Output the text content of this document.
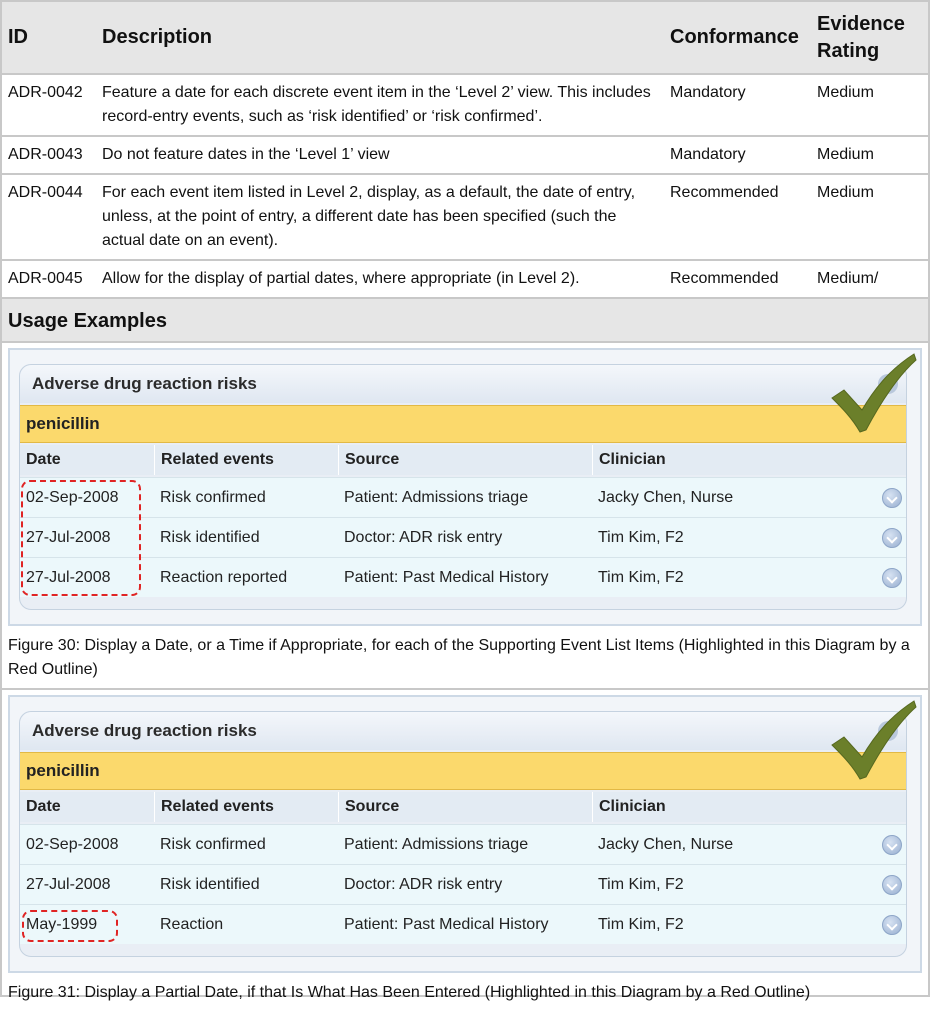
ID	Description	Conformance	Evidence Rating
ADR-0042	Feature a date for each discrete event item in the ‘Level 2’ view. This includes record-entry events, such as ‘risk identified’ or ‘risk confirmed’.	Mandatory	Medium
ADR-0043	Do not feature dates in the ‘Level 1’ view	Mandatory	Medium
ADR-0044	For each event item listed in Level 2, display, as a default, the date of entry, unless, at the point of entry, a different date has been specified (such the actual date on an event).	Recommended	Medium
ADR-0045	Allow for the display of partial dates, where appropriate (in Level 2).	Recommended	Medium/
Usage Examples
Adverse drug reaction risks
penicillin
Date	Related events	Source	Clinician
02-Sep-2008	Risk confirmed	Patient: Admissions triage	Jacky Chen, Nurse
27-Jul-2008	Risk identified	Doctor: ADR risk entry	Tim Kim, F2
27-Jul-2008	Reaction reported	Patient: Past Medical History	Tim Kim, F2
Figure 30: Display a Date, or a Time if Appropriate, for each of the Supporting Event List Items (Highlighted in this Diagram by a Red Outline)
Adverse drug reaction risks
penicillin
Date	Related events	Source	Clinician
02-Sep-2008	Risk confirmed	Patient: Admissions triage	Jacky Chen, Nurse
27-Jul-2008	Risk identified	Doctor: ADR risk entry	Tim Kim, F2
May-1999	Reaction	Patient: Past Medical History	Tim Kim, F2
Figure 31: Display a Partial Date, if that Is What Has Been Entered (Highlighted in this Diagram by a Red Outline)
